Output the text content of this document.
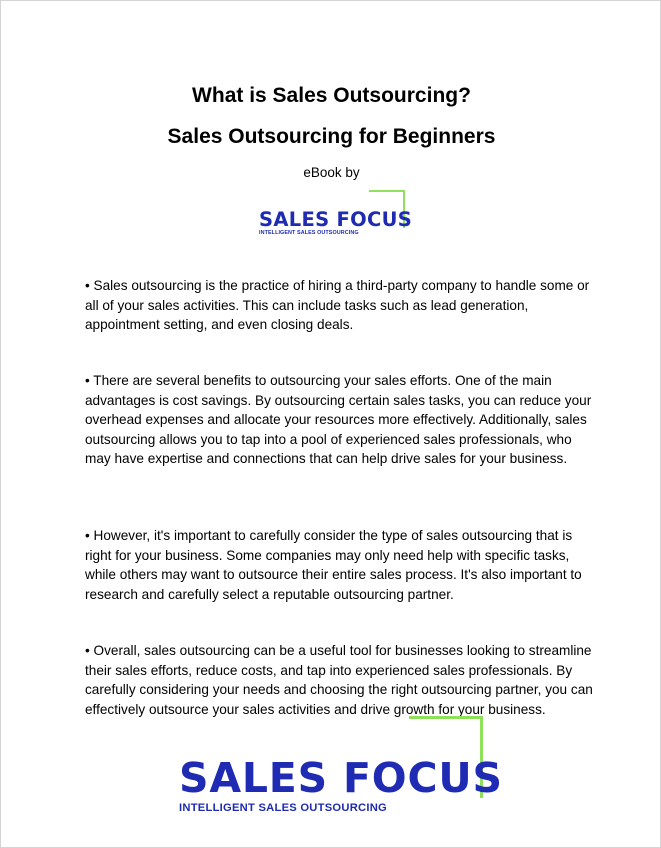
What is Sales Outsourcing?
Sales Outsourcing for Beginners
eBook by
SALES FOCUS
INTELLIGENT SALES OUTSOURCING

• Sales outsourcing is the practice of hiring a third-party company to handle some or all of your sales activities. This can include tasks such as lead generation, appointment setting, and even closing deals.

• There are several benefits to outsourcing your sales efforts. One of the main advantages is cost savings. By outsourcing certain sales tasks, you can reduce your overhead expenses and allocate your resources more effectively. Additionally, sales outsourcing allows you to tap into a pool of experienced sales professionals, who may have expertise and connections that can help drive sales for your business.

• However, it's important to carefully consider the type of sales outsourcing that is right for your business. Some companies may only need help with specific tasks, while others may want to outsource their entire sales process. It's also important to research and carefully select a reputable outsourcing partner.

• Overall, sales outsourcing can be a useful tool for businesses looking to streamline their sales efforts, reduce costs, and tap into experienced sales professionals. By carefully considering your needs and choosing the right outsourcing partner, you can effectively outsource your sales activities and drive growth for your business.

SALES FOCUS
INTELLIGENT SALES OUTSOURCING
